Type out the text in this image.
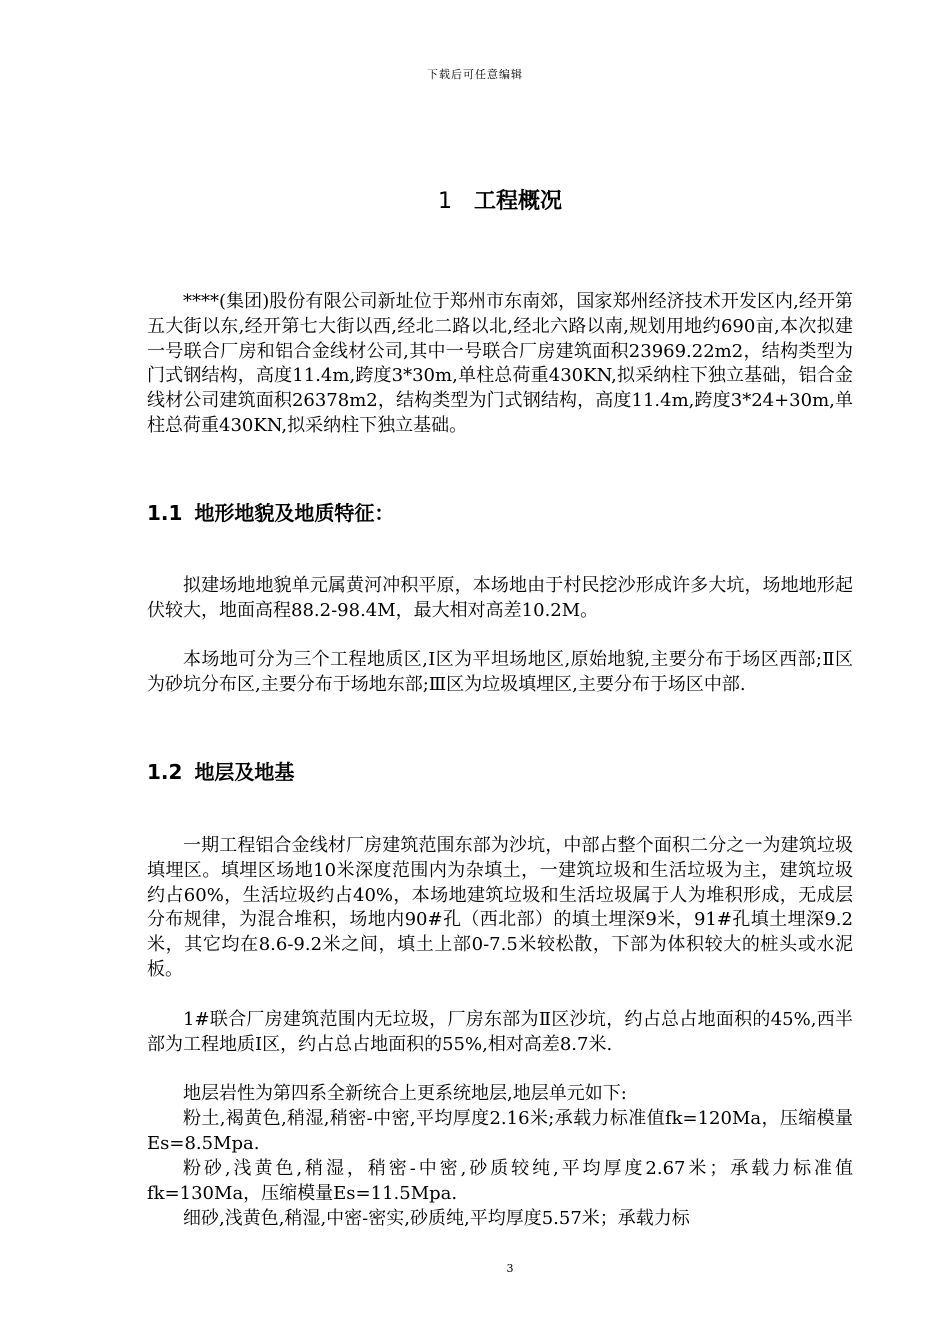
下载后可任意编辑
1 工程概况
****(集团)股份有限公司新址位于郑州市东南郊，国家郑州经济技术开发区内,经开第五大街以东,经开第七大街以西,经北二路以北,经北六路以南,规划用地约690亩,本次拟建一号联合厂房和铝合金线材公司,其中一号联合厂房建筑面积23969.22m2，结构类型为门式钢结构，高度11.4m,跨度3*30m,单柱总荷重430KN,拟采纳柱下独立基础，铝合金线材公司建筑面积26378m2，结构类型为门式钢结构，高度11.4m,跨度3*24+30m,单柱总荷重430KN,拟采纳柱下独立基础。
1.1 地形地貌及地质特征：
拟建场地地貌单元属黄河冲积平原，本场地由于村民挖沙形成许多大坑，场地地形起伏较大，地面高程88.2-98.4M，最大相对高差10.2M。
本场地可分为三个工程地质区,Ⅰ区为平坦场地区,原始地貌,主要分布于场区西部;Ⅱ区为砂坑分布区,主要分布于场地东部;Ⅲ区为垃圾填埋区,主要分布于场区中部.
1.2 地层及地基
一期工程铝合金线材厂房建筑范围东部为沙坑，中部占整个面积二分之一为建筑垃圾填埋区。填埋区场地10米深度范围内为杂填土，一建筑垃圾和生活垃圾为主，建筑垃圾约占60%，生活垃圾约占40%，本场地建筑垃圾和生活垃圾属于人为堆积形成，无成层分布规律，为混合堆积，场地内90#孔（西北部）的填土埋深9米，91#孔填土埋深9.2米，其它均在8.6-9.2米之间，填土上部0-7.5米较松散，下部为体积较大的桩头或水泥板。
1#联合厂房建筑范围内无垃圾，厂房东部为Ⅱ区沙坑，约占总占地面积的45%,西半部为工程地质Ⅰ区，约占总占地面积的55%,相对高差8.7米.
地层岩性为第四系全新统合上更系统地层,地层单元如下:
粉土,褐黄色,稍湿,稍密-中密,平均厚度2.16米;承载力标准值fk=120Ma，压缩模量Es=8.5Mpa.
粉砂,浅黄色,稍湿，稍密-中密,砂质较纯,平均厚度2.67米；承载力标准值fk=130Ma，压缩模量Es=11.5Mpa.
细砂,浅黄色,稍湿,中密-密实,砂质纯,平均厚度5.57米；承载力标
3
